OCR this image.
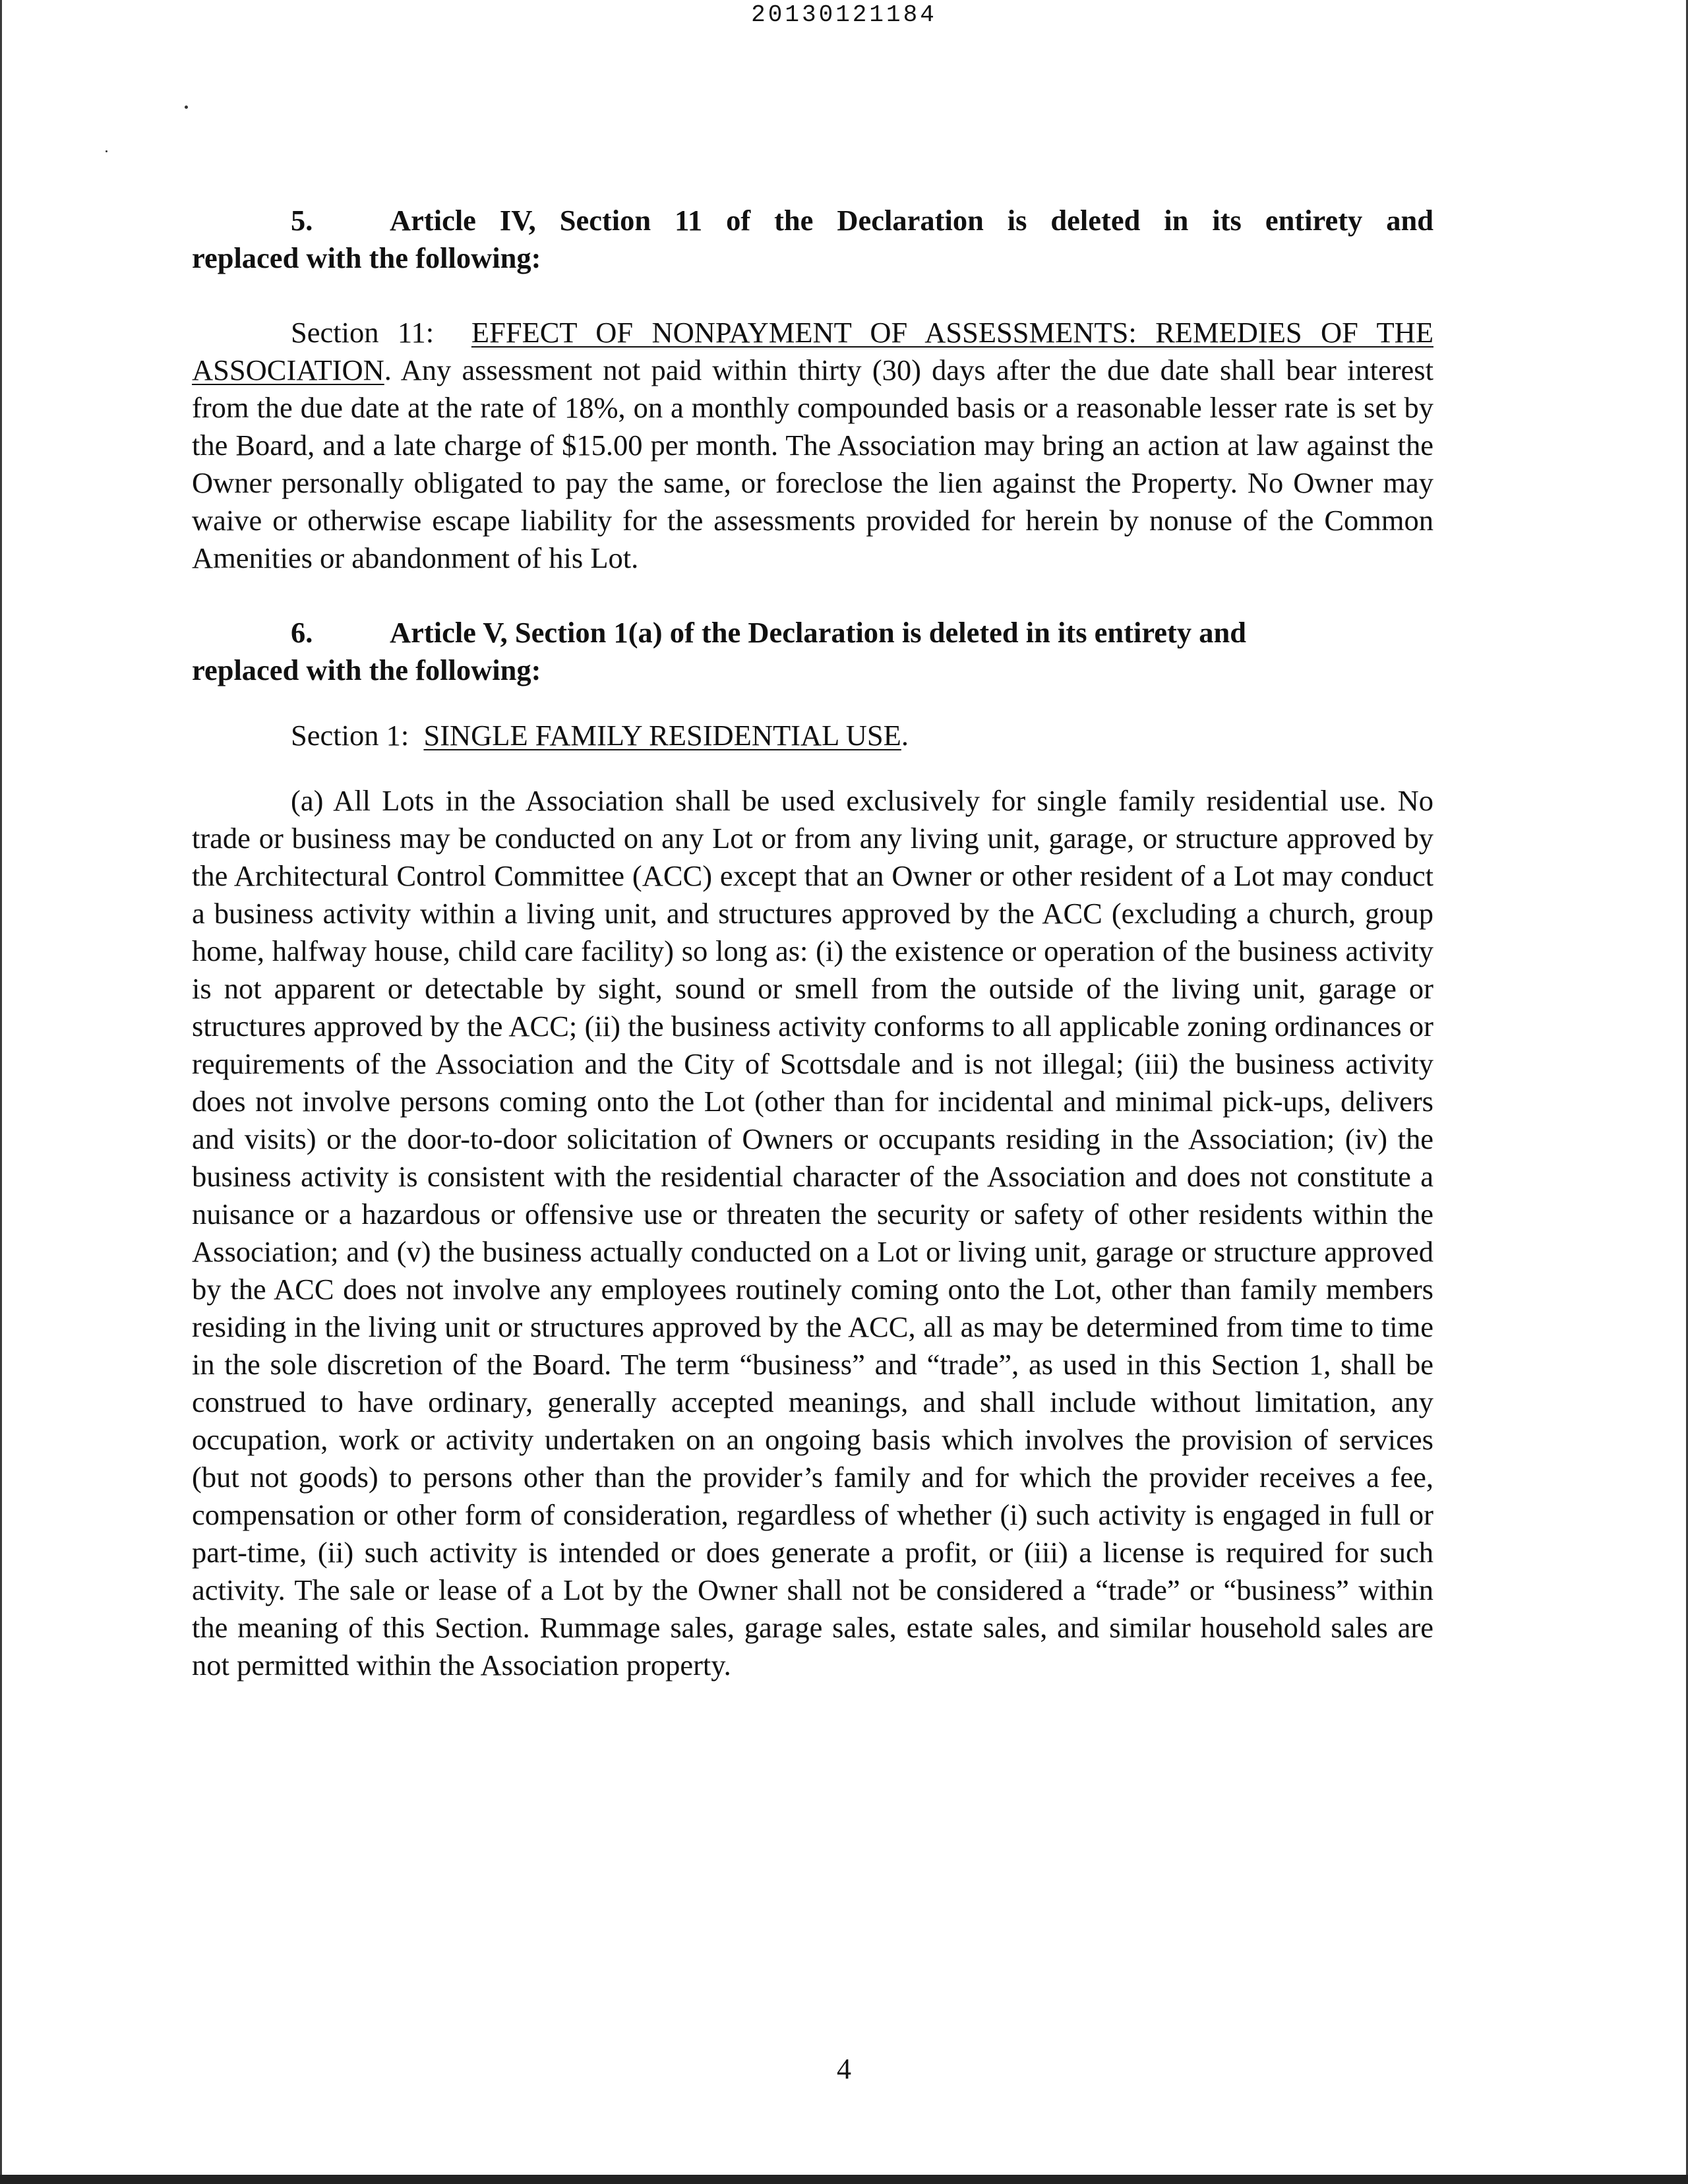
20130121184

5.	Article IV, Section 11 of the Declaration is deleted in its entirety and

replaced with the following:

Section 11: EFFECT OF NONPAYMENT OF ASSESSMENTS: REMEDIES OF THE ASSOCIATION. Any assessment not paid within thirty (30) days after the due date shall bear interest from the due date at the rate of 18%, on a monthly compounded basis or a reasonable lesser rate is set by the Board, and a late charge of $15.00 per month. The Association may bring an action at law against the Owner personally obligated to pay the same, or foreclose the lien against the Property. No Owner may waive or otherwise escape liability for the assessments provided for herein by nonuse of the Common Amenities or abandonment of his Lot.

6.	Article V, Section 1(a) of the Declaration is deleted in its entirety and

replaced with the following:

Section 1: SINGLE FAMILY RESIDENTIAL USE.

(a) All Lots in the Association shall be used exclusively for single family residential use. No trade or business may be conducted on any Lot or from any living unit, garage, or structure approved by the Architectural Control Committee (ACC) except that an Owner or other resident of a Lot may conduct a business activity within a living unit, and structures approved by the ACC (excluding a church, group home, halfway house, child care facility) so long as: (i) the existence or operation of the business activity is not apparent or detectable by sight, sound or smell from the outside of the living unit, garage or structures approved by the ACC; (ii) the business activity conforms to all applicable zoning ordinances or requirements of the Association and the City of Scottsdale and is not illegal; (iii) the business activity does not involve persons coming onto the Lot (other than for incidental and minimal pick-ups, delivers and visits) or the door-to-door solicitation of Owners or occupants residing in the Association; (iv) the business activity is consistent with the residential character of the Association and does not constitute a nuisance or a hazardous or offensive use or threaten the security or safety of other residents within the Association; and (v) the business actually conducted on a Lot or living unit, garage or structure approved by the ACC does not involve any employees routinely coming onto the Lot, other than family members residing in the living unit or structures approved by the ACC, all as may be determined from time to time in the sole discretion of the Board. The term “business” and “trade”, as used in this Section 1, shall be construed to have ordinary, generally accepted meanings, and shall include without limitation, any occupation, work or activity undertaken on an ongoing basis which involves the provision of services (but not goods) to persons other than the provider’s family and for which the provider receives a fee, compensation or other form of consideration, regardless of whether (i) such activity is engaged in full or part-time, (ii) such activity is intended or does generate a profit, or (iii) a license is required for such activity. The sale or lease of a Lot by the Owner shall not be considered a “trade” or “business” within the meaning of this Section. Rummage sales, garage sales, estate sales, and similar household sales are not permitted within the Association property.

4
